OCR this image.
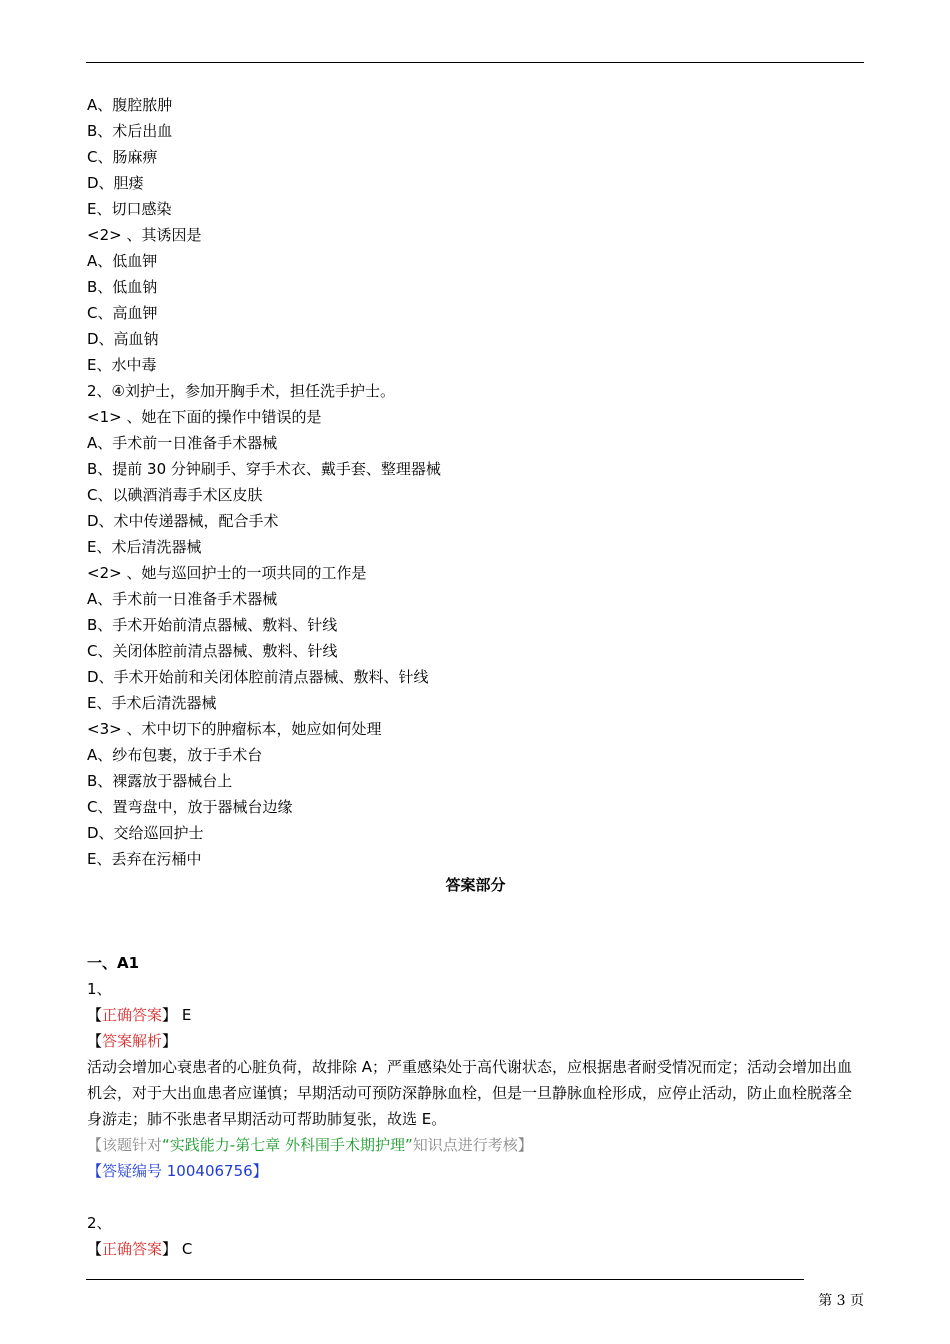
A、腹腔脓肿
B、术后出血
C、肠麻痹
D、胆瘘
E、切口感染
<2> 、其诱因是
A、低血钾
B、低血钠
C、高血钾
D、高血钠
E、水中毒
2、④刘护士，参加开胸手术，担任洗手护士。
<1> 、她在下面的操作中错误的是
A、手术前一日准备手术器械
B、提前 30 分钟刷手、穿手术衣、戴手套、整理器械
C、以碘酒消毒手术区皮肤
D、术中传递器械，配合手术
E、术后清洗器械
<2> 、她与巡回护士的一项共同的工作是
A、手术前一日准备手术器械
B、手术开始前清点器械、敷料、针线
C、关闭体腔前清点器械、敷料、针线
D、手术开始前和关闭体腔前清点器械、敷料、针线
E、手术后清洗器械
<3> 、术中切下的肿瘤标本，她应如何处理
A、纱布包裹，放于手术台
B、裸露放于器械台上
C、置弯盘中，放于器械台边缘
D、交给巡回护士
E、丢弃在污桶中
答案部分
一、A1
1、
【正确答案】 E
【答案解析】
活动会增加心衰患者的心脏负荷，故排除 A；严重感染处于高代谢状态，应根据患者耐受情况而定；活动会增加出血机会，对于大出血患者应谨慎；早期活动可预防深静脉血栓，但是一旦静脉血栓形成，应停止活动，防止血栓脱落全身游走；肺不张患者早期活动可帮助肺复张，故选 E。
【该题针对“实践能力-第七章 外科围手术期护理”知识点进行考核】
【答疑编号 100406756】
2、
【正确答案】 C
第 3 页
